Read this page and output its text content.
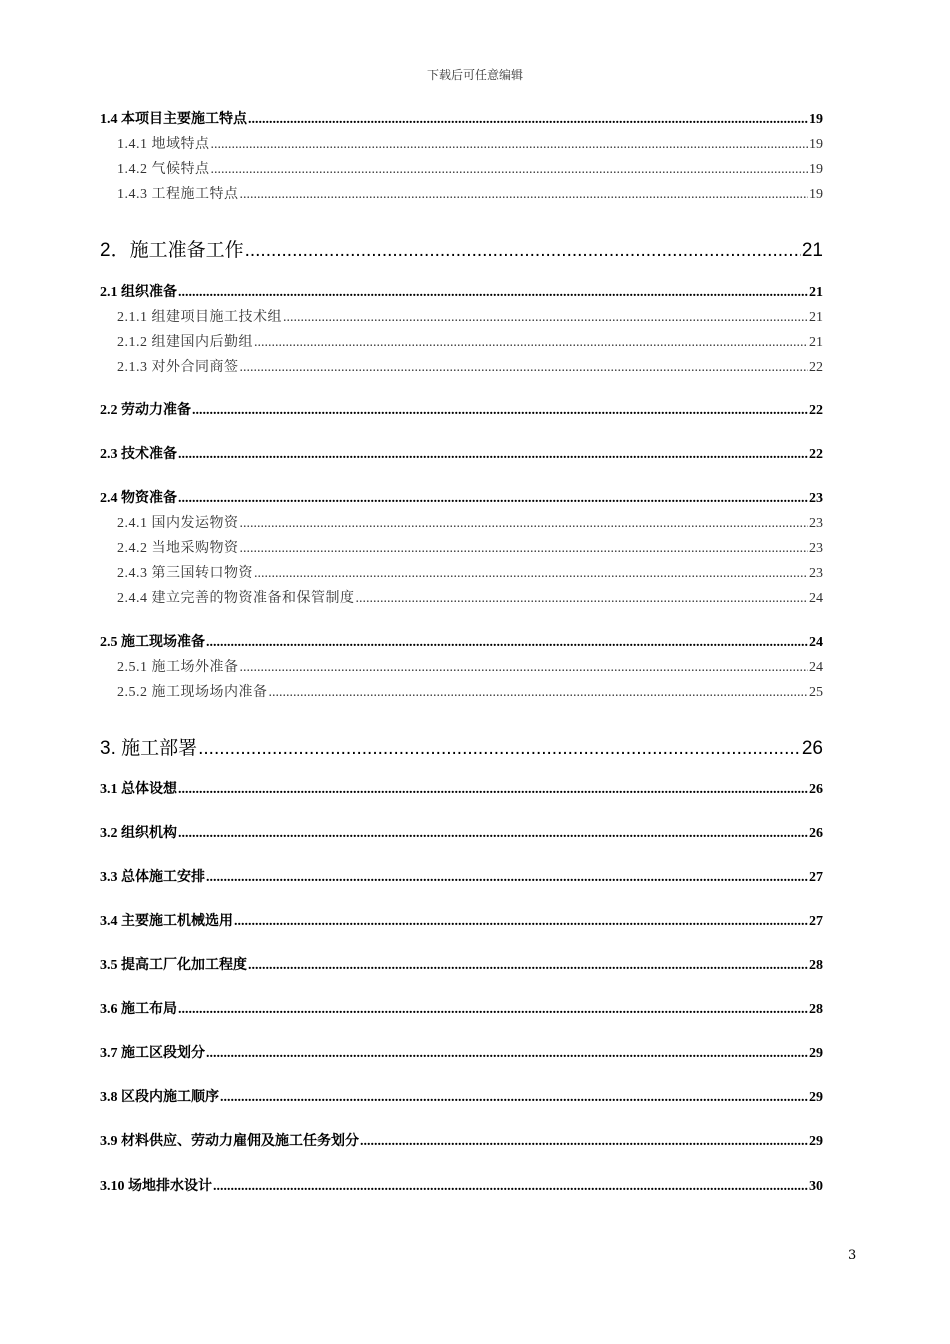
下载后可任意编辑
1.4 本项目主要施工特点 .....	19
1.4.1 地域特点 .....	19
1.4.2 气候特点 .....	19
1.4.3 工程施工特点 .....	19
2．施工准备工作 .....	21
2.1 组织准备 .....	21
2.1.1 组建项目施工技术组 .....	21
2.1.2 组建国内后勤组 .....	21
2.1.3 对外合同商签 .....	22
2.2 劳动力准备 .....	22
2.3 技术准备 .....	22
2.4 物资准备 .....	23
2.4.1 国内发运物资 .....	23
2.4.2 当地采购物资 .....	23
2.4.3 第三国转口物资 .....	23
2.4.4 建立完善的物资准备和保管制度 .....	24
2.5 施工现场准备 .....	24
2.5.1 施工场外准备 .....	24
2.5.2 施工现场场内准备 .....	25
3. 施工部署 .....	26
3.1 总体设想 .....	26
3.2 组织机构 .....	26
3.3 总体施工安排 .....	27
3.4 主要施工机械选用 .....	27
3.5 提高工厂化加工程度 .....	28
3.6 施工布局 .....	28
3.7 施工区段划分 .....	29
3.8 区段内施工顺序 .....	29
3.9 材料供应、劳动力雇佣及施工任务划分 .....	29
3.10 场地排水设计 .....	30
3
